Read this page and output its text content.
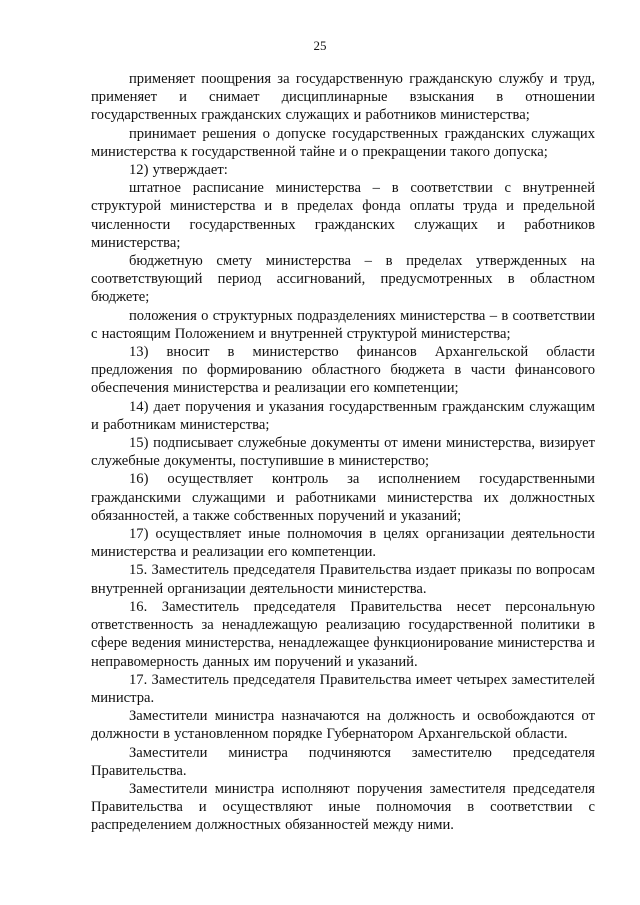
25

применяет поощрения за государственную гражданскую службу и труд, применяет и снимает дисциплинарные взыскания в отношении государственных гражданских служащих и работников министерства;

принимает решения о допуске государственных гражданских служащих министерства к государственной тайне и о прекращении такого допуска;

12) утверждает:

штатное расписание министерства – в соответствии с внутренней структурой министерства и в пределах фонда оплаты труда и предельной численности государственных гражданских служащих и работников министерства;

бюджетную смету министерства – в пределах утвержденных на соответствующий период ассигнований, предусмотренных в областном бюджете;

положения о структурных подразделениях министерства – в соответствии с настоящим Положением и внутренней структурой министерства;

13) вносит в министерство финансов Архангельской области предложения по формированию областного бюджета в части финансового обеспечения министерства и реализации его компетенции;

14) дает поручения и указания государственным гражданским служащим и работникам министерства;

15) подписывает служебные документы от имени министерства, визирует служебные документы, поступившие в министерство;

16) осуществляет контроль за исполнением государственными гражданскими служащими и работниками министерства их должностных обязанностей, а также собственных поручений и указаний;

17) осуществляет иные полномочия в целях организации деятельности министерства и реализации его компетенции.

15. Заместитель председателя Правительства издает приказы по вопросам внутренней организации деятельности министерства.

16. Заместитель председателя Правительства несет персональную ответственность за ненадлежащую реализацию государственной политики в сфере ведения министерства, ненадлежащее функционирование министерства и неправомерность данных им поручений и указаний.

17. Заместитель председателя Правительства имеет четырех заместителей министра.

Заместители министра назначаются на должность и освобождаются от должности в установленном порядке Губернатором Архангельской области.

Заместители министра подчиняются заместителю председателя Правительства.

Заместители министра исполняют поручения заместителя председателя Правительства и осуществляют иные полномочия в соответствии с распределением должностных обязанностей между ними.
